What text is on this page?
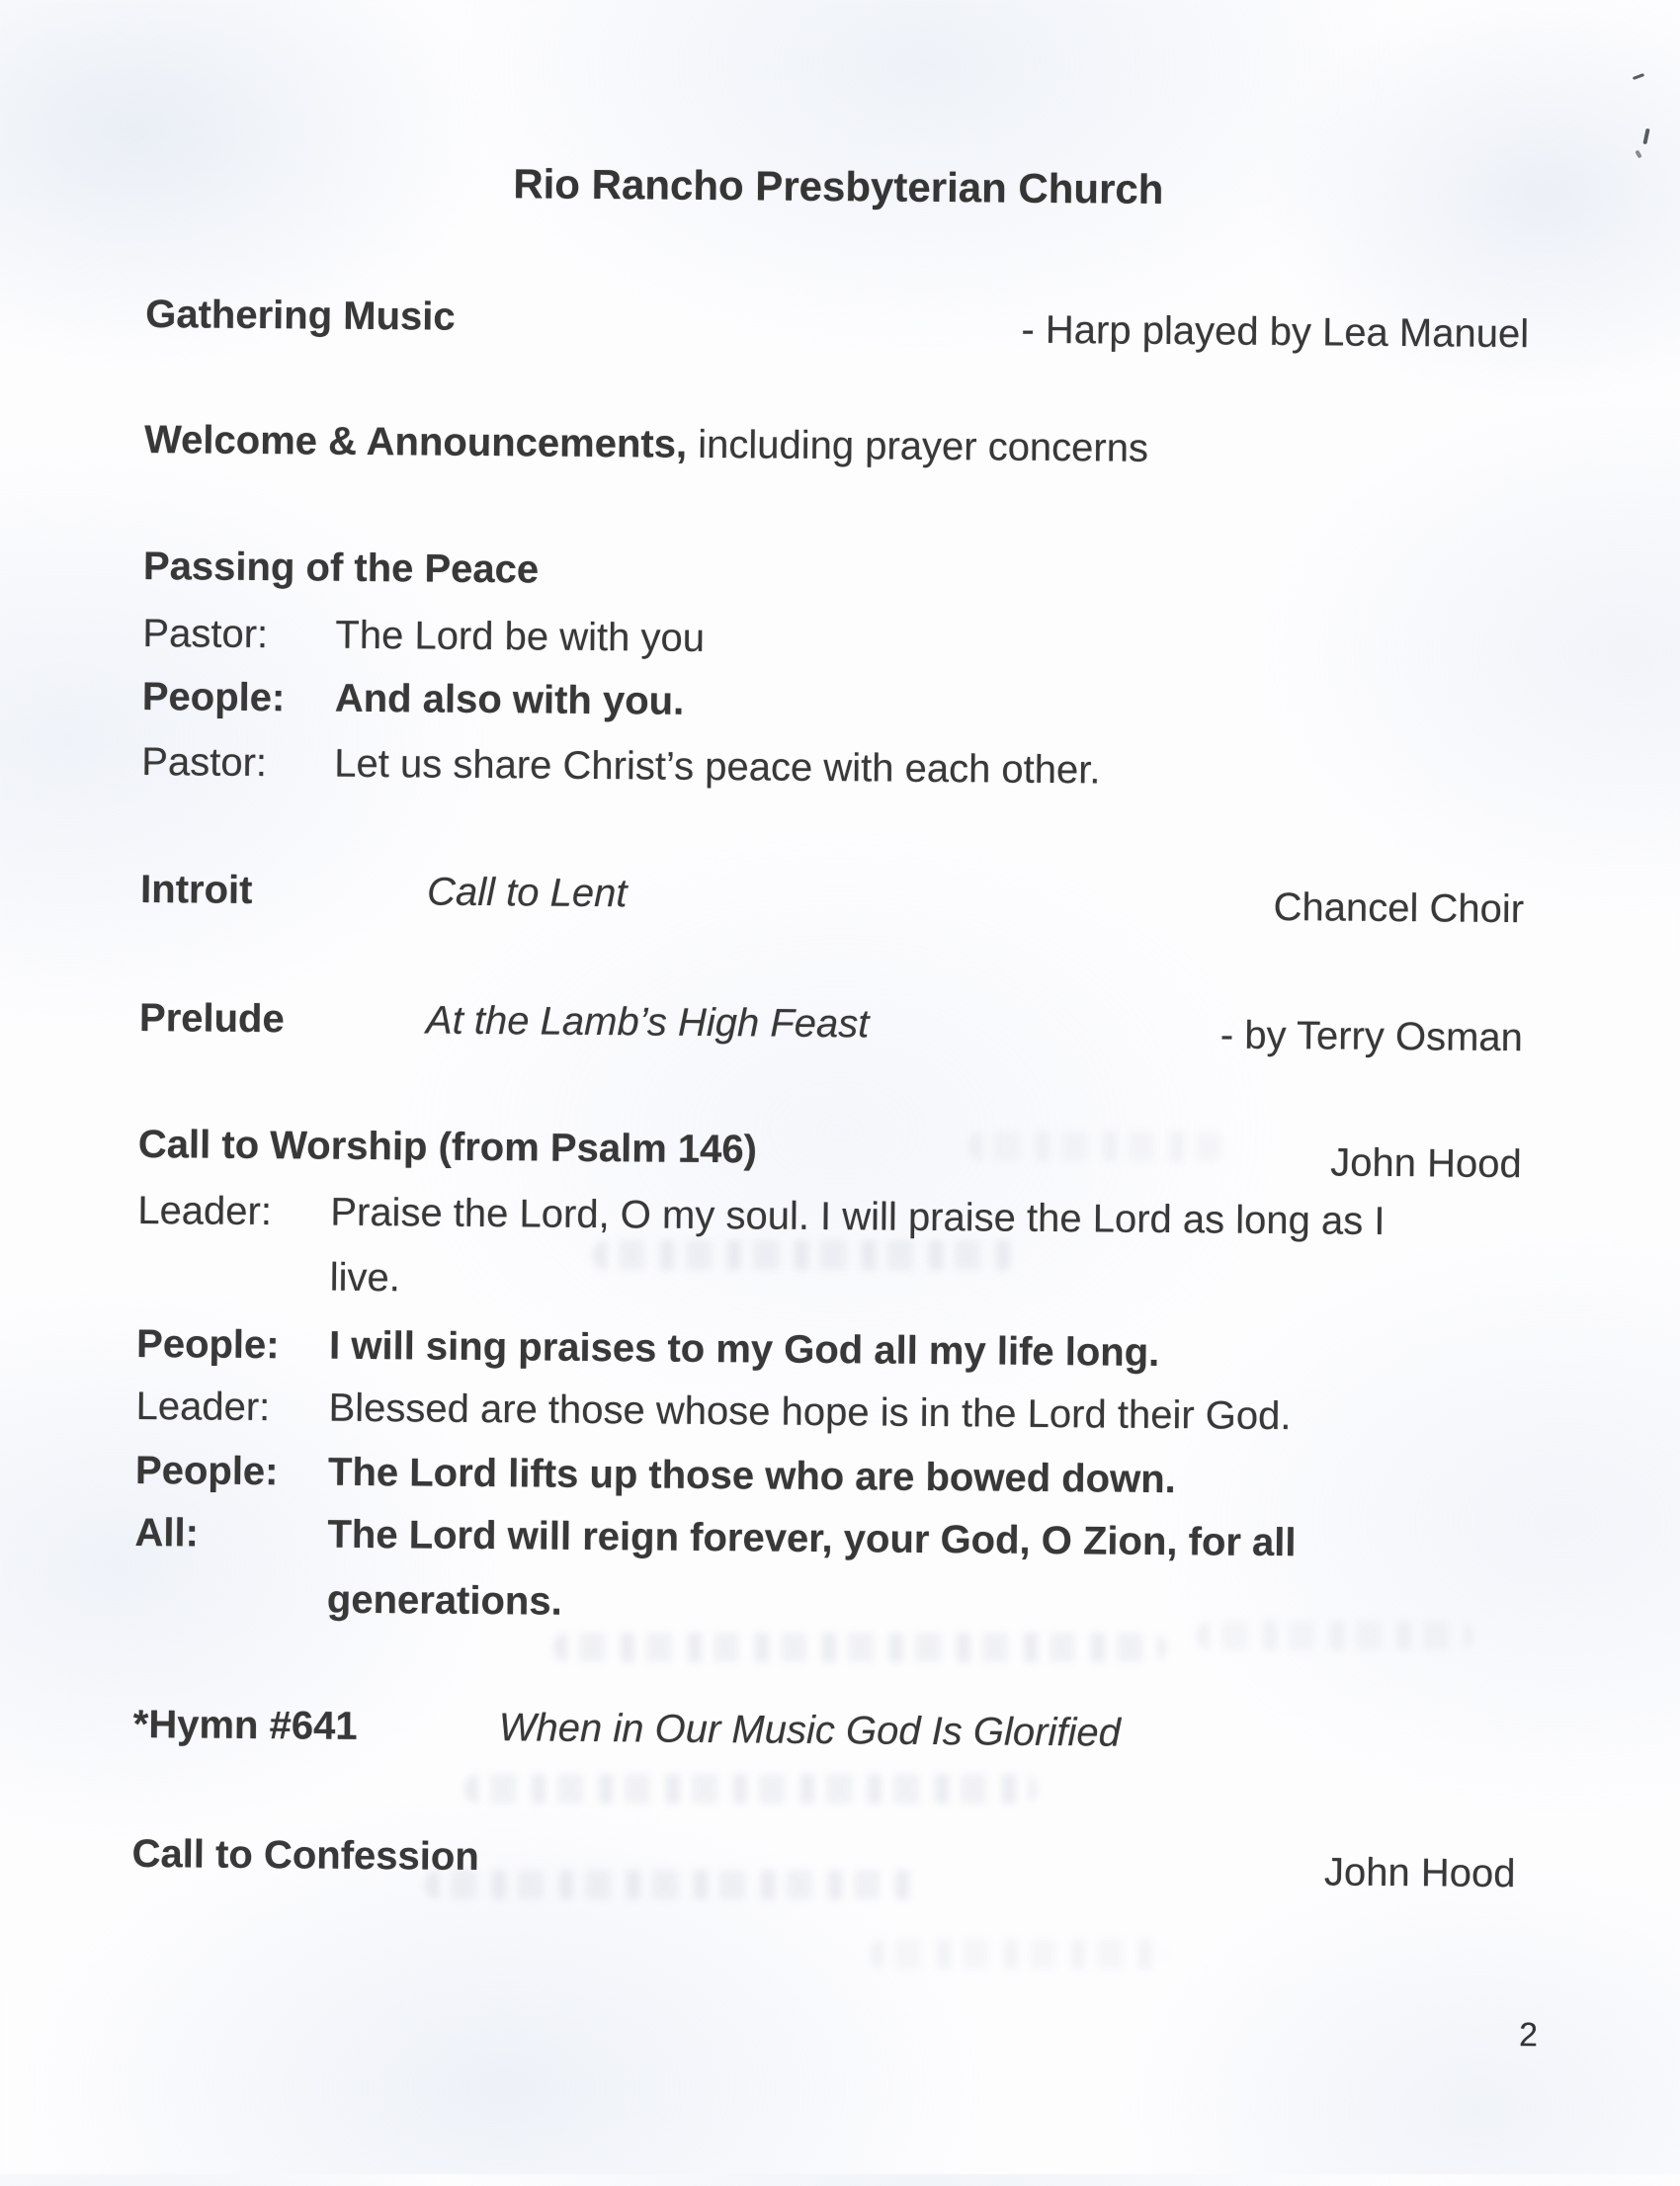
Rio Rancho Presbyterian Church
Gathering Music	- Harp played by Lea Manuel
Welcome & Announcements, including prayer concerns
Passing of the Peace
Pastor:	The Lord be with you
People:	And also with you.
Pastor:	Let us share Christ’s peace with each other.
Introit	Call to Lent	Chancel Choir
Prelude	At the Lamb’s High Feast	- by Terry Osman
Call to Worship (from Psalm 146)	John Hood
Leader:	Praise the Lord, O my soul. I will praise the Lord as long as I live.
People:	I will sing praises to my God all my life long.
Leader:	Blessed are those whose hope is in the Lord their God.
People:	The Lord lifts up those who are bowed down.
All:	The Lord will reign forever, your God, O Zion, for all generations.
*Hymn #641	When in Our Music God Is Glorified
Call to Confession	John Hood
2
